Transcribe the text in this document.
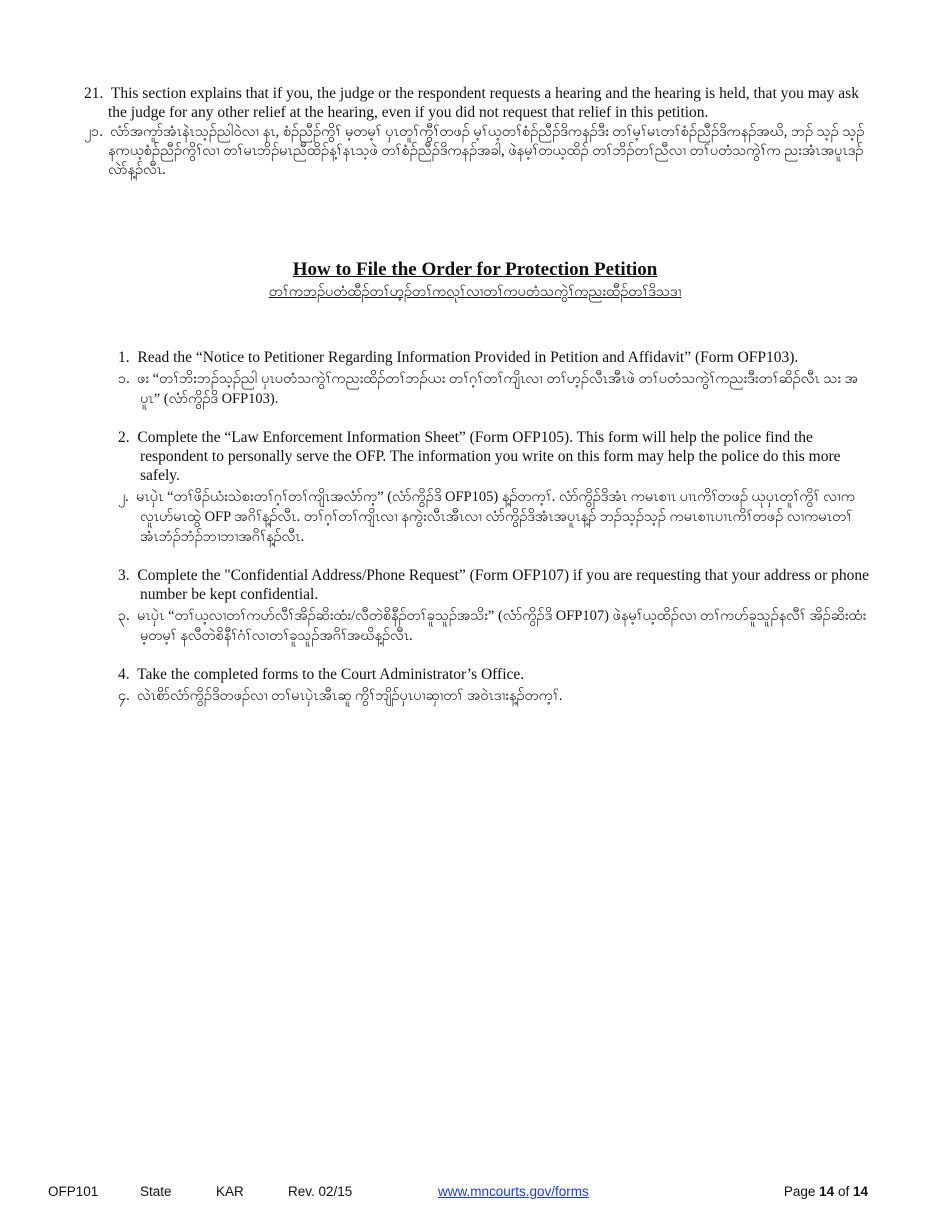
21. This section explains that if you, the judge or the respondent requests a hearing and the hearing is held, that you may ask the judge for any other relief at the hearing, even if you did not request that relief in this petition.
၂၁. လံာ်အကူာ်အံၤနဲၤသ့ၣ်ညါဝဲလၢ နၤ, စံၣ်ညီၣ်ကွိၢ် မ့တမ့ၢ် ပှၤတူၢ်ကွီၢ်တဖၣ် မ့ၢ်ယ့တၢ်စံၣ်ညီၣ်ဒိကနၣ်ဒီး တၢ်မ့ၢ်မၤတၢ်စံၣ်ညီၣ်ဒိကနၣ်အဃိ, ဘၣ် သ့ၣ် သ့ၣ် နကယ့စံၣ်ညီၣ်ကွိၢ်လၢ တၢ်မၤဘိၣ်မၤညီထိၣ်န့ၢ်နၤသ့ဖဲ တၢ်စံၣ်ညီၣ်ဒိကနၣ်အခါ, ဖဲနမ့ၢ်တယ့ထိၣ် တၢ်ဘိၣ်တၢ်ညီလၢ တၢ်ပတံသကွဲၢ်က ညးအံၤအပူၤဒၣ်လဲာ်န့ၣ်လီၤ.
How to File the Order for Protection Petition
တၢ်ကဘၣ်ပတံထီၣ်တၢ်ဟ့ၣ်တၢ်ကလုၢ်လၢတၢ်ကပတံသကွဲၢ်ကညးထီၣ်တၢ်ဒိသဒၢ
1. Read the “Notice to Petitioner Regarding Information Provided in Petition and Affidavit” (Form OFP103).
၁. ဖး “တၢ်ဘိးဘၣ်သ့ၣ်ညါ ပှၤပတံသကွဲၢ်ကညးထိၣ်တၢ်ဘၣ်ယး တၢ်ဂ့ၢ်တၢ်ကျိၤလၢ တၢ်ဟ့ၣ်လီၤအီၤဖဲ တၢ်ပတံသကွဲၢ်ကညးဒီးတၢ်ဆိၣ်လီၤ သး အပူၤ” (လံာ်ကွိၣ်ဒိ OFP103).
2. Complete the “Law Enforcement Information Sheet” (Form OFP105). This form will help the police find the respondent to personally serve the OFP. The information you write on this form may help the police do this more safely.
၂. မၤပှဲၤ “တၢ်ဖိၣ်ယံးသဲစးတၢ်ဂ့ၢ်တၢ်ကျိၤအလံာ်က့” (လံာ်ကွိၣ်ဒိ OFP105) န့ၣ်တက့ၢ်. လံာ်ကွိၣ်ဒိအံၤ ကမၤစၢၤ ပၢၤကိၢ်တဖၣ် ယုပှၤတူၢ်ကွိၢ် လၢကလူၤဟ်မၤထွဲ OFP အဂိၢ်န့ၣ်လီၤ. တၢ်ဂ့ၢ်တၢ်ကျိၤလၢ နကွဲးလီၤအီၤလၢ လံာ်ကွိၣ်ဒိအံၤအပူၤန့ၣ် ဘၣ်သ့ၣ်သ့ၣ် ကမၤစၢၤပၢၤကိၢ်တဖၣ် လၢကမၤတၢ်အံၤဘံၣ်ဘံၣ်ဘၢဘၢအဂိၢ်န့ၣ်လီၤ.
3. Complete the "Confidential Address/Phone Request” (Form OFP107) if you are requesting that your address or phone number be kept confidential.
၃. မၤပှဲၤ “တၢ်ယ့လၢတၢ်ကဟ်လီၢ်အိၣ်ဆိးထံး/လီတဲစိနီၣ်တၢ်ခူသူၣ်အသိး” (လံာ်ကွိၣ်ဒိ OFP107) ဖဲနမ့ၢ်ယ့ထိၣ်လၢ တၢ်ကဟ်ခူသူၣ်နလီၢ် အိၣ်ဆိးထံး မ့တမ့ၢ် နလီတဲစိနီၢ်ဂံၢ်လၢတၢ်ခူသူၣ်အဂိၢ်အဃိန့ၣ်လီၤ.
4. Take the completed forms to the Court Administrator’s Office.
၄. လဲၤစိာ်လံာ်ကွိၣ်ဒိတဖၣ်လၢ တၢ်မၤပှဲၤအီၤဆူ ကွိၢ်ဘျိၣ်ပှၤပၢဆှၢတၢ် အဝဲၤဒၢးန့ၣ်တက့ၢ်.
OFP101	State	KAR	Rev. 02/15	www.mncourts.gov/forms	Page 14 of 14
